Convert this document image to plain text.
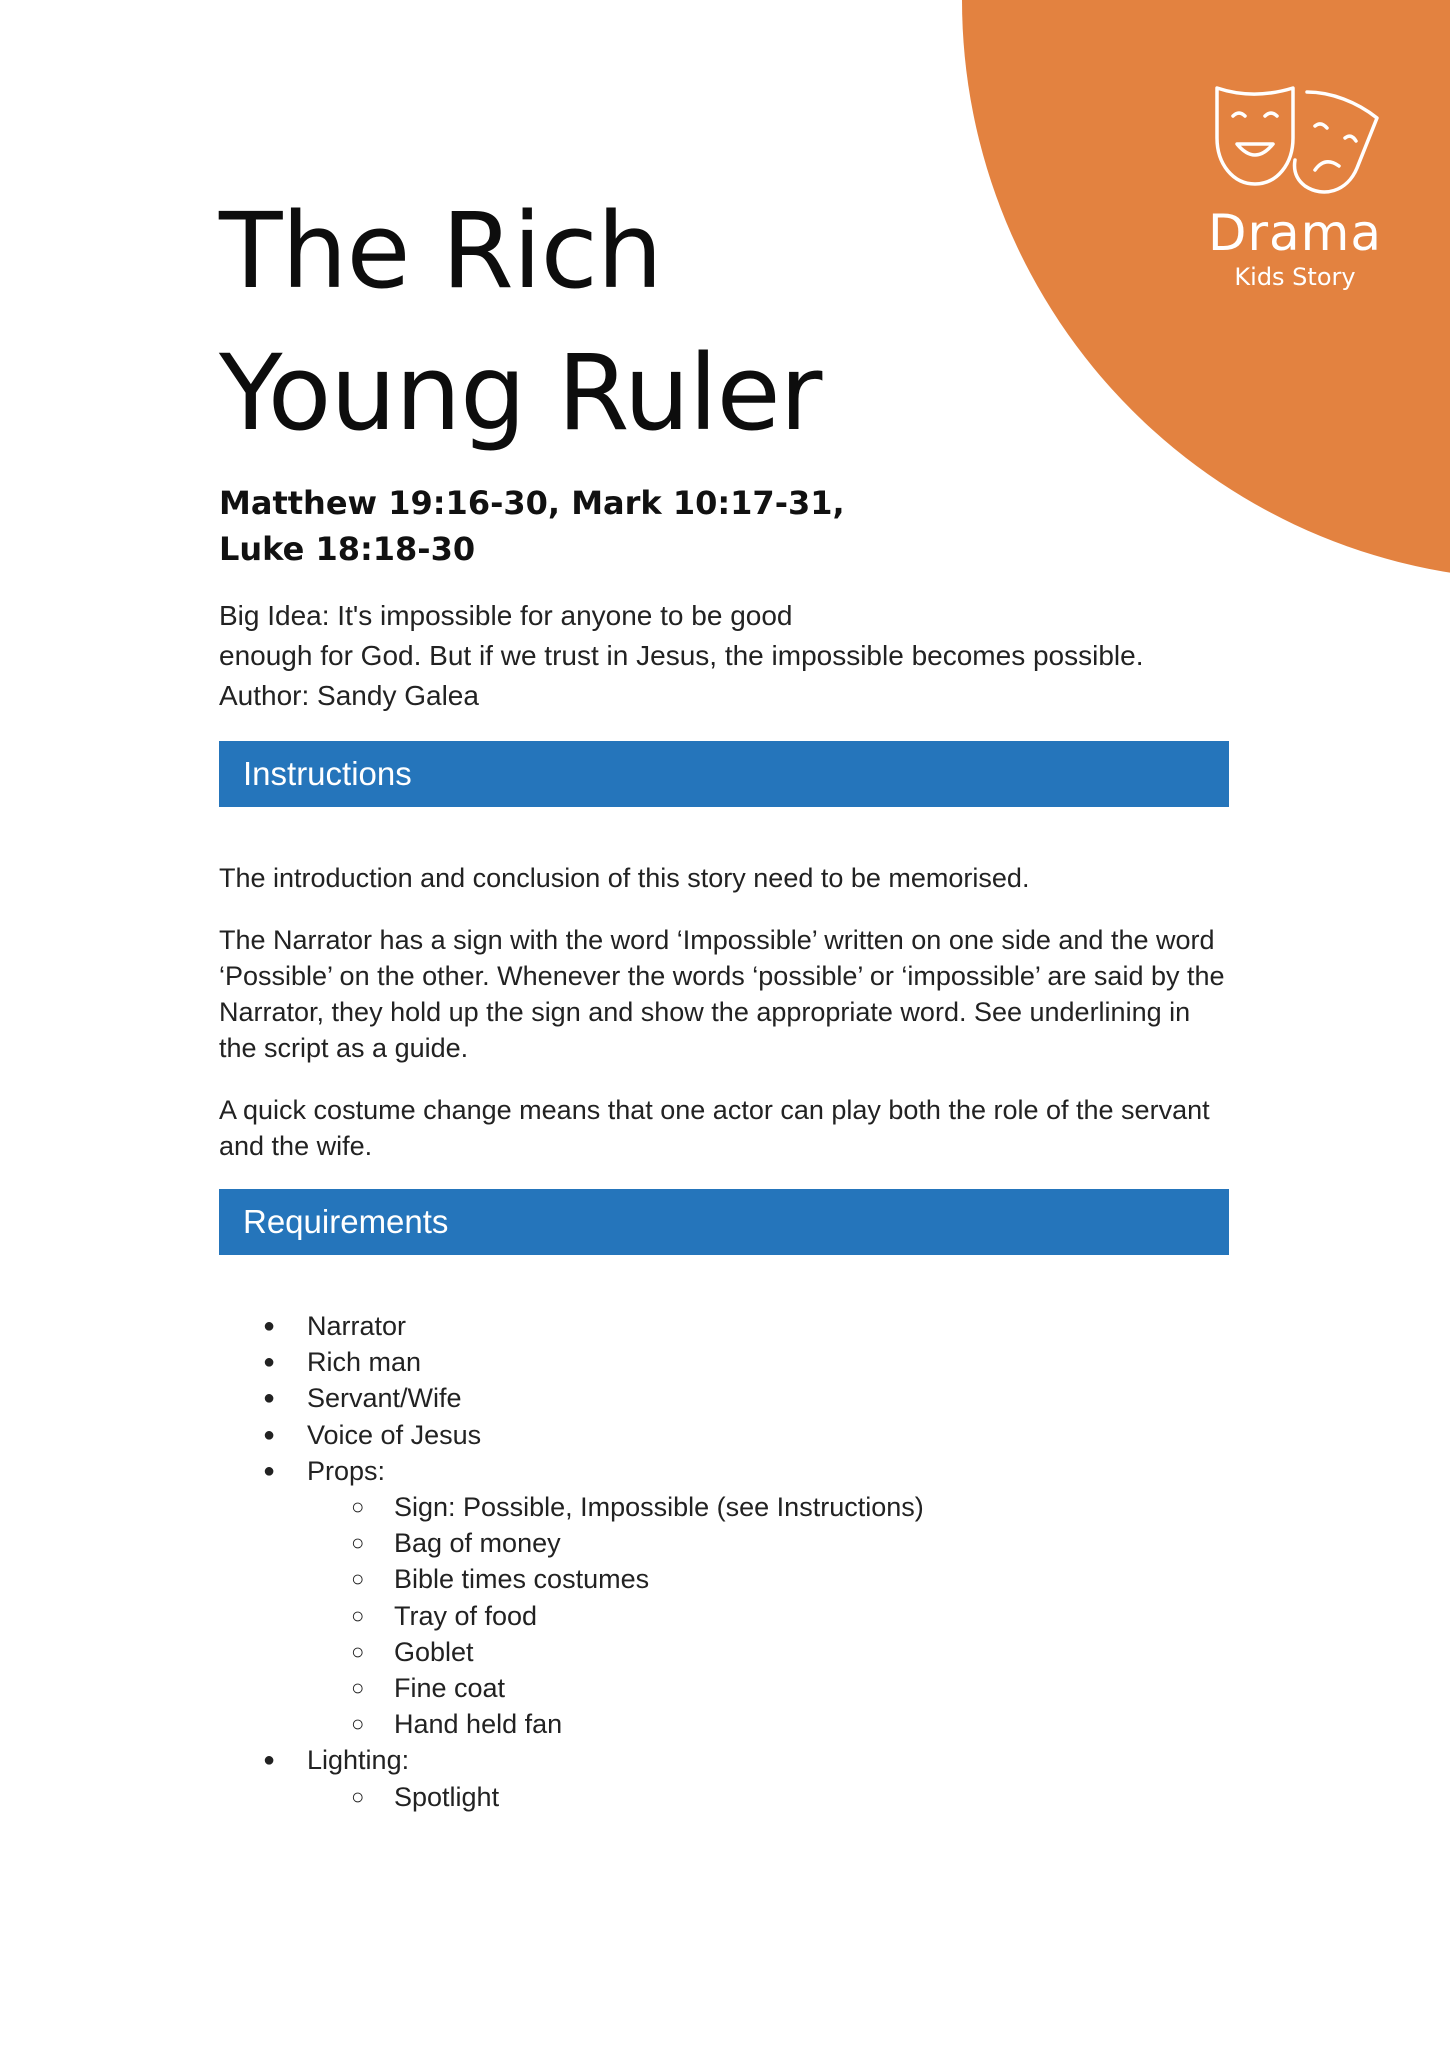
Drama
Kids Story
The Rich
Young Ruler
Matthew 19:16-30, Mark 10:17-31,
Luke 18:18-30
Big Idea: It's impossible for anyone to be good
enough for God. But if we trust in Jesus, the impossible becomes possible.
Author: Sandy Galea
Instructions

The introduction and conclusion of this story need to be memorised.

The Narrator has a sign with the word ‘Impossible’ written on one side and the word ‘Possible’ on the other. Whenever the words ‘possible’ or ‘impossible’ are said by the Narrator, they hold up the sign and show the appropriate word. See underlining in the script as a guide.

A quick costume change means that one actor can play both the role of the servant and the wife.

Requirements
● Narrator
● Rich man
● Servant/Wife
● Voice of Jesus
● Props:
○ Sign: Possible, Impossible (see Instructions)
○ Bag of money
○ Bible times costumes
○ Tray of food
○ Goblet
○ Fine coat
○ Hand held fan
● Lighting:
○ Spotlight
